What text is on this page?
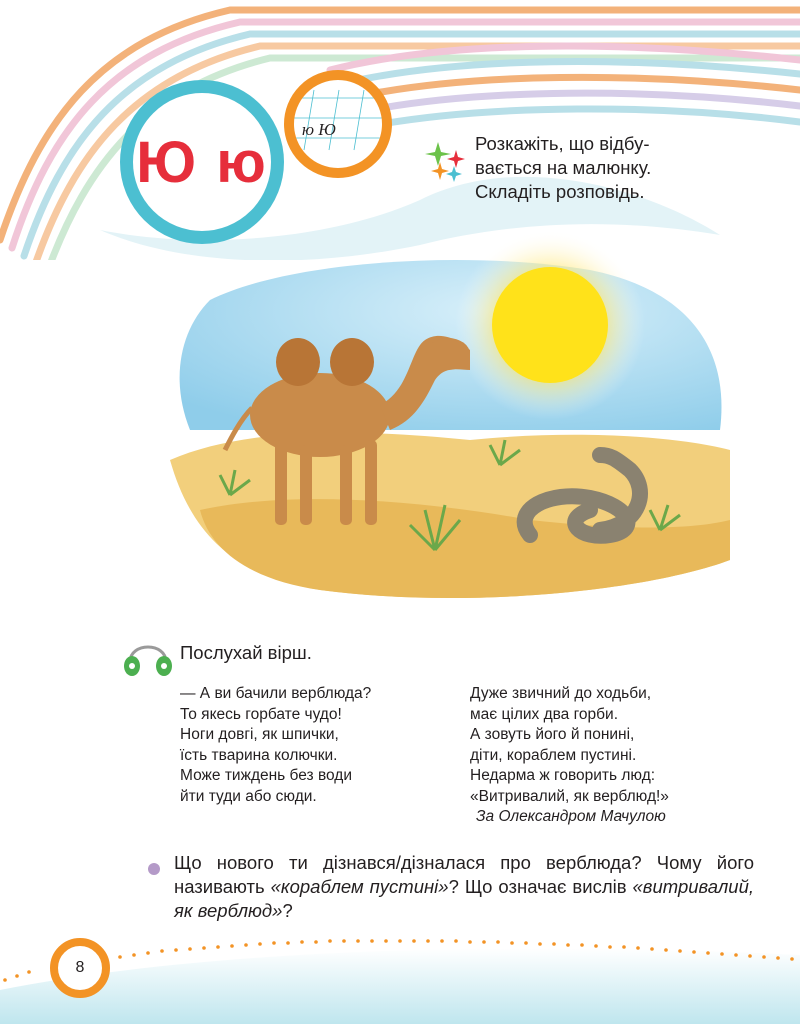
Ю ю ю Ю
Розкажіть, що відбу-
вається на малюнку.
Складіть розповідь.
Послухай вірш.
— А ви бачили верблюда?
То якесь горбате чудо!
Ноги довгі, як шпички,
їсть тварина колючки.
Може тиждень без води
йти туди або сюди.
Дуже звичний до ходьби,
має цілих два горби.
А зовуть його й понині,
діти, кораблем пустині.
Недарма ж говорить люд:
«Витривалий, як верблюд!»
За Олександром Мачулою
Що нового ти дізнався/дізналася про верблюда? Чому його називають «кораблем пустині»? Що означає вислів «витривалий, як верблюд»?
8
